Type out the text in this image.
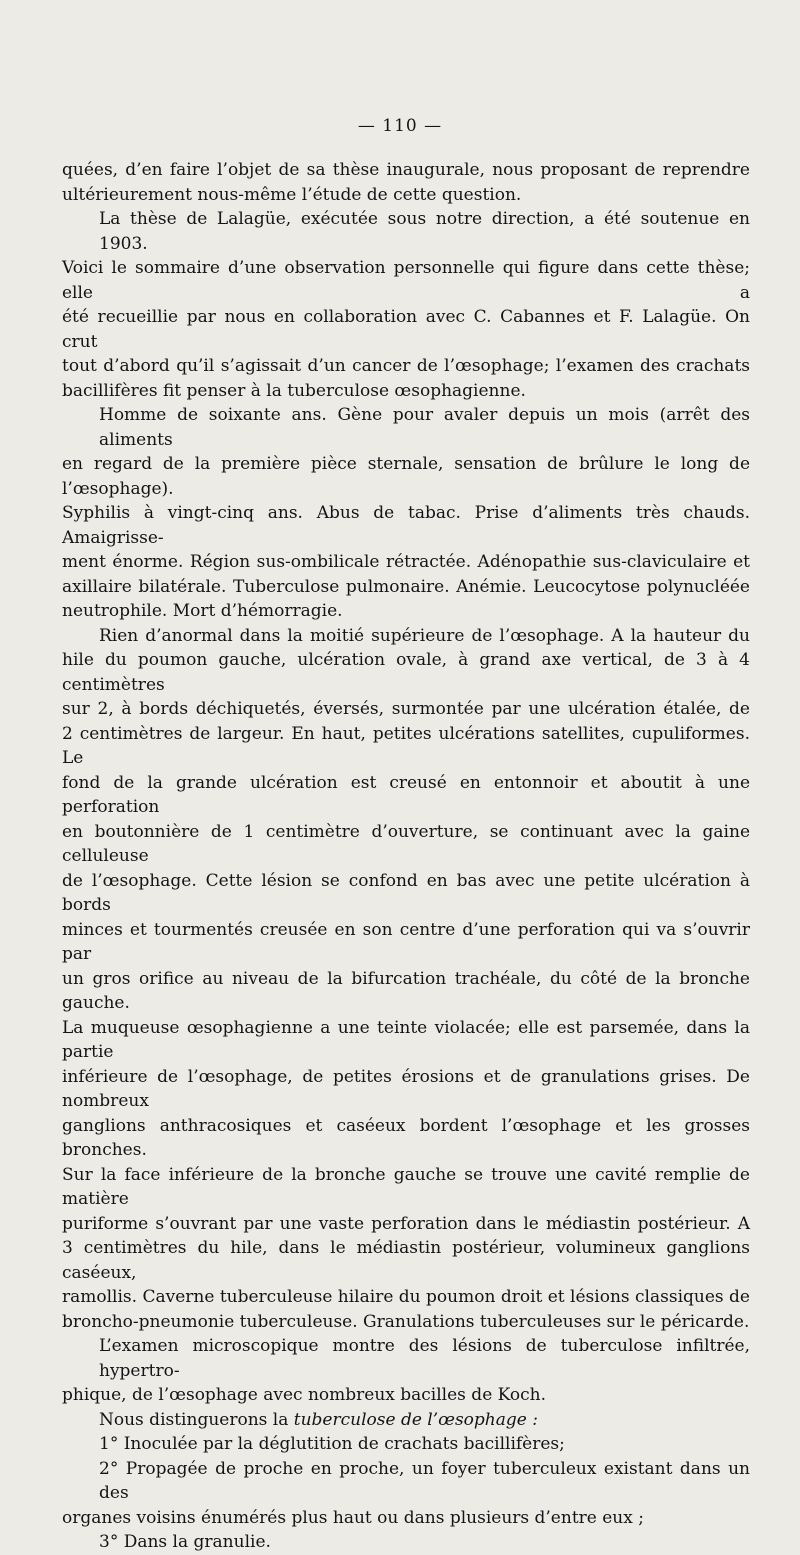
— 110 —

quées, d’en faire l’objet de sa thèse inaugurale, nous proposant de reprendre
ultérieurement nous-même l’étude de cette question.

La thèse de Lalagüe, exécutée sous notre direction, a été soutenue en 1903.
Voici le sommaire d’une observation personnelle qui figure dans cette thèse; elle a
été recueillie par nous en collaboration avec C. Cabannes et F. Lalagüe. On crut
tout d’abord qu’il s’agissait d’un cancer de l’œsophage; l’examen des crachats
bacillifères fit penser à la tuberculose œsophagienne.

Homme de soixante ans. Gène pour avaler depuis un mois (arrêt des aliments
en regard de la première pièce sternale, sensation de brûlure le long de l’œsophage).
Syphilis à vingt-cinq ans. Abus de tabac. Prise d’aliments très chauds. Amaigrisse-
ment énorme. Région sus-ombilicale rétractée. Adénopathie sus-claviculaire et
axillaire bilatérale. Tuberculose pulmonaire. Anémie. Leucocytose polynucléée
neutrophile. Mort d’hémorragie.

Rien d’anormal dans la moitié supérieure de l’œsophage. A la hauteur du
hile du poumon gauche, ulcération ovale, à grand axe vertical, de 3 à 4 centimètres
sur 2, à bords déchiquetés, éversés, surmontée par une ulcération étalée, de
2 centimètres de largeur. En haut, petites ulcérations satellites, cupuliformes. Le
fond de la grande ulcération est creusé en entonnoir et aboutit à une perforation
en boutonnière de 1 centimètre d’ouverture, se continuant avec la gaine celluleuse
de l’œsophage. Cette lésion se confond en bas avec une petite ulcération à bords
minces et tourmentés creusée en son centre d’une perforation qui va s’ouvrir par
un gros orifice au niveau de la bifurcation trachéale, du côté de la bronche gauche.
La muqueuse œsophagienne a une teinte violacée; elle est parsemée, dans la partie
inférieure de l’œsophage, de petites érosions et de granulations grises. De nombreux
ganglions anthracosiques et caséeux bordent l’œsophage et les grosses bronches.
Sur la face inférieure de la bronche gauche se trouve une cavité remplie de matière
puriforme s’ouvrant par une vaste perforation dans le médiastin postérieur. A
3 centimètres du hile, dans le médiastin postérieur, volumineux ganglions caséeux,
ramollis. Caverne tuberculeuse hilaire du poumon droit et lésions classiques de
broncho-pneumonie tuberculeuse. Granulations tuberculeuses sur le péricarde.

L’examen microscopique montre des lésions de tuberculose infiltrée, hypertro-
phique, de l’œsophage avec nombreux bacilles de Koch.

Nous distinguerons la tuberculose de l’œsophage :

1° Inoculée par la déglutition de crachats bacillifères;

2° Propagée de proche en proche, un foyer tuberculeux existant dans un des
organes voisins énumérés plus haut ou dans plusieurs d’entre eux ;

3° Dans la granulie.
